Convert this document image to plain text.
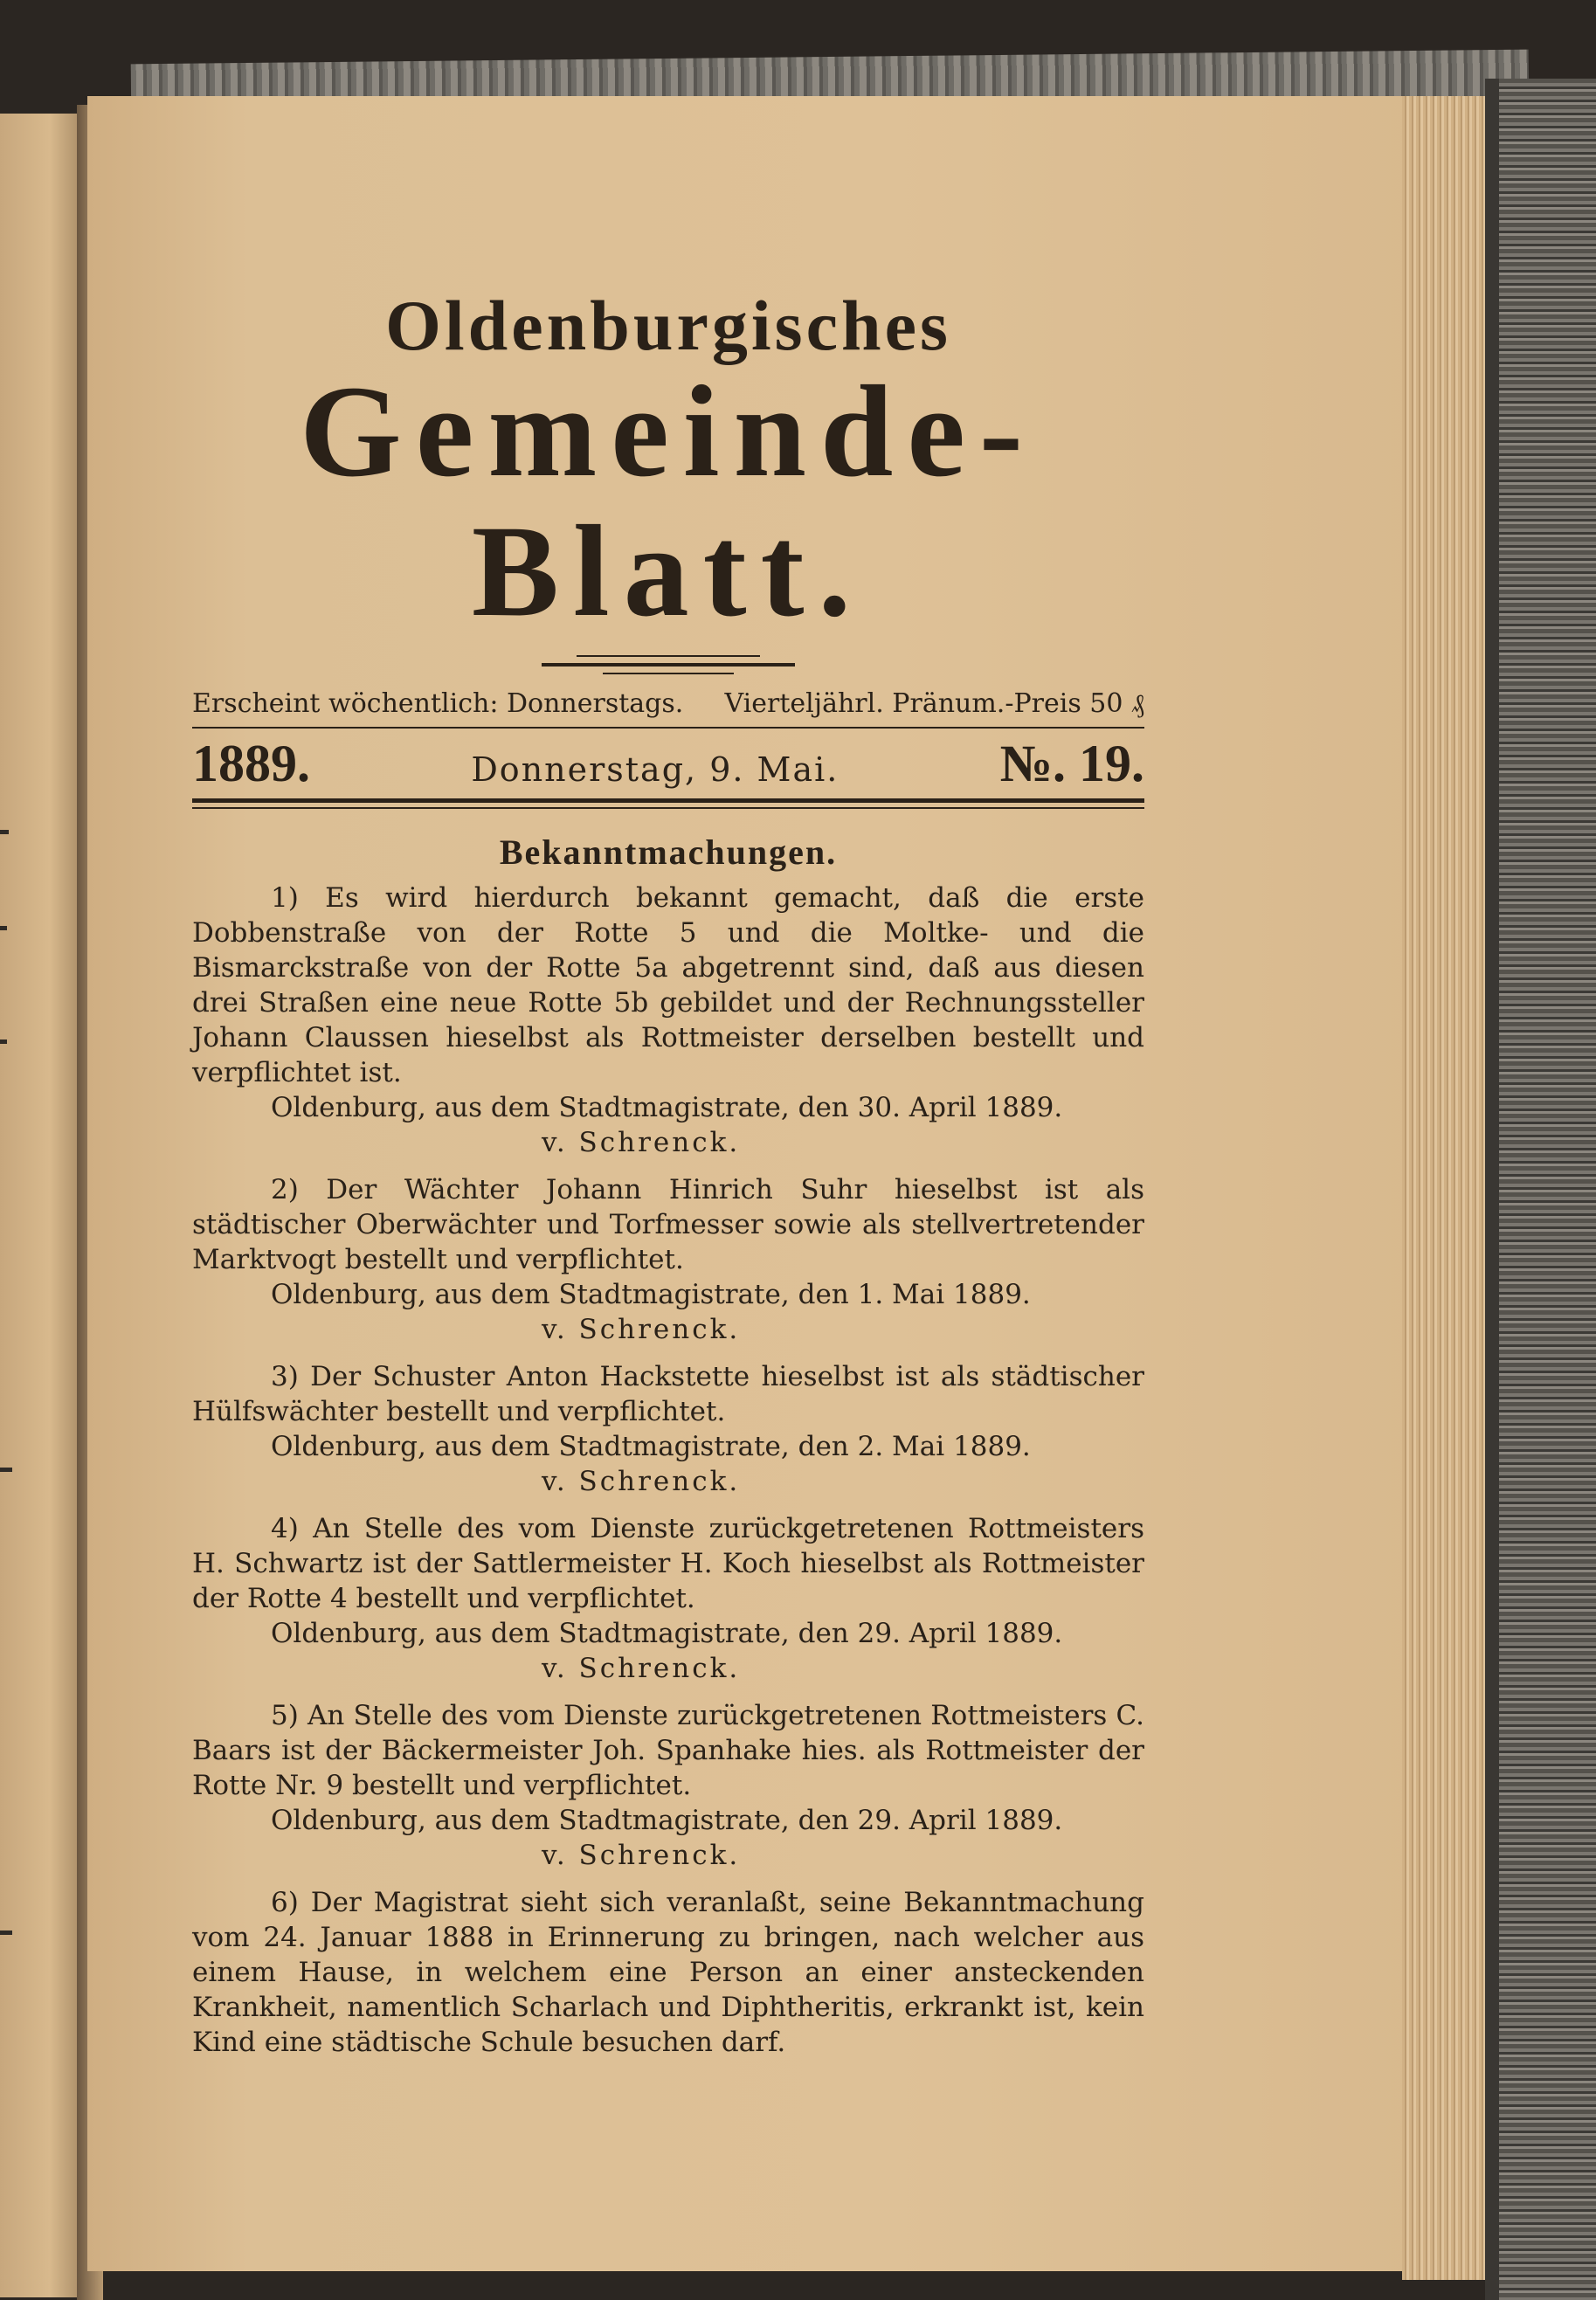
Oldenburgisches
Gemeinde-Blatt.
Erscheint wöchentlich: Donnerstags. Vierteljährl. Pränum.-Preis 50 ₰
1889.	Donnerstag, 9. Mai.	№. 19.
Bekanntmachungen.
1) Es wird hierdurch bekannt gemacht, daß die erste Dobbenstraße von der Rotte 5 und die Moltke- und die Bismarckstraße von der Rotte 5a abgetrennt sind, daß aus diesen drei Straßen eine neue Rotte 5b gebildet und der Rechnungssteller Johann Claussen hieselbst als Rottmeister derselben bestellt und verpflichtet ist.
Oldenburg, aus dem Stadtmagistrate, den 30. April 1889.
v. Schrenck.
2) Der Wächter Johann Hinrich Suhr hieselbst ist als städtischer Oberwächter und Torfmesser sowie als stellvertretender Marktvogt bestellt und verpflichtet.
Oldenburg, aus dem Stadtmagistrate, den 1. Mai 1889.
v. Schrenck.
3) Der Schuster Anton Hackstette hieselbst ist als städtischer Hülfswächter bestellt und verpflichtet.
Oldenburg, aus dem Stadtmagistrate, den 2. Mai 1889.
v. Schrenck.
4) An Stelle des vom Dienste zurückgetretenen Rottmeisters H. Schwartz ist der Sattlermeister H. Koch hieselbst als Rottmeister der Rotte 4 bestellt und verpflichtet.
Oldenburg, aus dem Stadtmagistrate, den 29. April 1889.
v. Schrenck.
5) An Stelle des vom Dienste zurückgetretenen Rottmeisters C. Baars ist der Bäckermeister Joh. Spanhake hies. als Rottmeister der Rotte Nr. 9 bestellt und verpflichtet.
Oldenburg, aus dem Stadtmagistrate, den 29. April 1889.
v. Schrenck.
6) Der Magistrat sieht sich veranlaßt, seine Bekanntmachung vom 24. Januar 1888 in Erinnerung zu bringen, nach welcher aus einem Hause, in welchem eine Person an einer ansteckenden Krankheit, namentlich Scharlach und Diphtheritis, erkrankt ist, kein Kind eine städtische Schule besuchen darf.
